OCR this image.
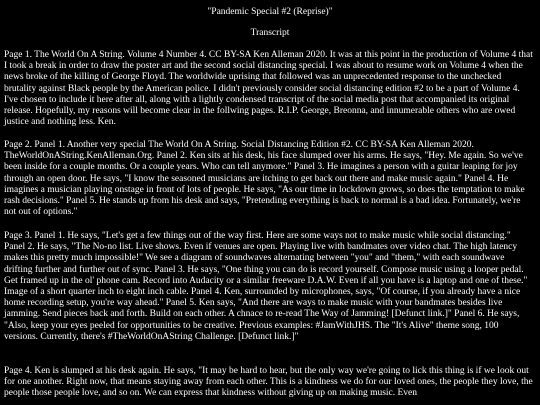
"Pandemic Special #2 (Reprise)"
Transcript

Page 1. The World On A String. Volume 4 Number 4. CC BY-SA Ken Alleman 2020. It was at this point in the production of Volume 4 that I took a break in order to draw the poster art and the second social distancing special. I was about to resume work on Volume 4 when the news broke of the killing of George Floyd. The worldwide uprising that followed was an unprecedented response to the unchecked brutality against Black people by the American police. I didn't previously consider social distancing edition #2 to be a part of Volume 4. I've chosen to include it here after all, along with a lightly condensed transcript of the social media post that accompanied its original release. Hopefully, my reasons will become clear in the follwing pages. R.I.P. George, Breonna, and innumerable others who are owed justice and nothing less. Ken.

Page 2. Panel 1. Another very special The World On A String. Social Distancing Edition #2. CC BY-SA Ken Alleman 2020. TheWorldOnAString.KenAlleman.Org. Panel 2. Ken sits at his desk, his face slumped over his arms. He says, "Hey. Me again. So we've been inside for a couple months. Or a couple years. Who can tell anymore." Panel 3. He imagines a person with a guitar leaping for joy through an open door. He says, "I know the seasoned musicians are itching to get back out there and make music again." Panel 4. He imagines a musician playing onstage in front of lots of people. He says, "As our time in lockdown grows, so does the temptation to make rash decisions." Panel 5. He stands up from his desk and says, "Pretending everything is back to normal is a bad idea. Fortunately, we're not out of options."

Page 3. Panel 1. He says, "Let's get a few things out of the way first. Here are some ways not to make music while social distancing." Panel 2. He says, "The No-no list. Live shows. Even if venues are open. Playing live with bandmates over video chat. The high latency makes this pretty much impossible!" We see a diagram of soundwaves alternating between "you" and "them," with each soundwave drifting further and further out of sync. Panel 3. He says, "One thing you can do is record yourself. Compose music using a looper pedal. Get framed up in the ol' phone cam. Record into Audacity or a similar freeware D.A.W. Even if all you have is a laptop and one of these." Image of a short quarter inch to eight inch cable. Panel 4. Ken, surrounded by microphones, says, "Of course, if you already have a nice home recording setup, you're way ahead." Panel 5. Ken says, "And there are ways to make music with your bandmates besides live jamming. Send pieces back and forth. Build on each other. A chnace to re-read The Way of Jamming! [Defunct link.]" Panel 6. He says, "Also, keep your eyes peeled for opportunities to be creative. Previous examples: #JamWithJHS. The "It's Alive" theme song, 100 versions. Currently, there's #TheWorldOnAString Challenge. [Defunct link.]"

Page 4. Ken is slumped at his desk again. He says, "It may be hard to hear, but the only way we're going to lick this thing is if we look out for one another. Right now, that means staying away from each other. This is a kindness we do for our loved ones, the people they love, the people those people love, and so on. We can express that kindness without giving up on making music. Even
